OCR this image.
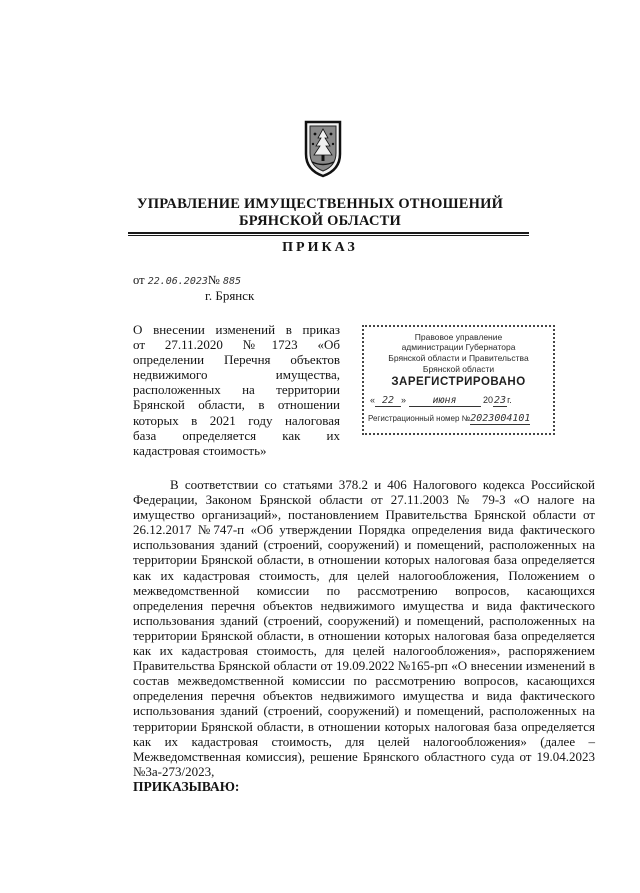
УПРАВЛЕНИЕ ИМУЩЕСТВЕННЫХ ОТНОШЕНИЙ
БРЯНСКОЙ ОБЛАСТИ
ПРИКАЗ
от 22.06.2023№ 885
г. Брянск
О внесении изменений в приказ
от 27.11.2020 №1723 «Об
определении Перечня объектов
недвижимого имущества,
расположенных на территории
Брянской области, в отношении
которых в 2021 году налоговая
база определяется как их
кадастровая стоимость»
Правовое управление
администрации Губернатора
Брянской области и Правительства
Брянской области
ЗАРЕГИСТРИРОВАНО
« 22 » июня	2023г.
Регистрационный номер №2023004101
В соответствии со статьями 378.2 и 406 Налогового кодекса Российской Федерации, Законом Брянской области от 27.11.2003 № 79-З «О налоге на имущество организаций», постановлением Правительства Брянской области от 26.12.2017 №747-п «Об утверждении Порядка определения вида фактического использования зданий (строений, сооружений) и помещений, расположенных на территории Брянской области, в отношении которых налоговая база определяется как их кадастровая стоимость, для целей налогообложения, Положением о межведомственной комиссии по рассмотрению вопросов, касающихся определения перечня объектов недвижимого имущества и вида фактического использования зданий (строений, сооружений) и помещений, расположенных на территории Брянской области, в отношении которых налоговая база определяется как их кадастровая стоимость, для целей налогообложения», распоряжением Правительства Брянской области от 19.09.2022 №165-рп «О внесении изменений в состав межведомственной комиссии по рассмотрению вопросов, касающихся определения перечня объектов недвижимого имущества и вида фактического использования зданий (строений, сооружений) и помещений, расположенных на территории Брянской области, в отношении которых налоговая база определяется как их кадастровая стоимость, для целей налогообложения» (далее – Межведомственная комиссия), решение Брянского областного суда от 19.04.2023 №3а-273/2023,
ПРИКАЗЫВАЮ:
